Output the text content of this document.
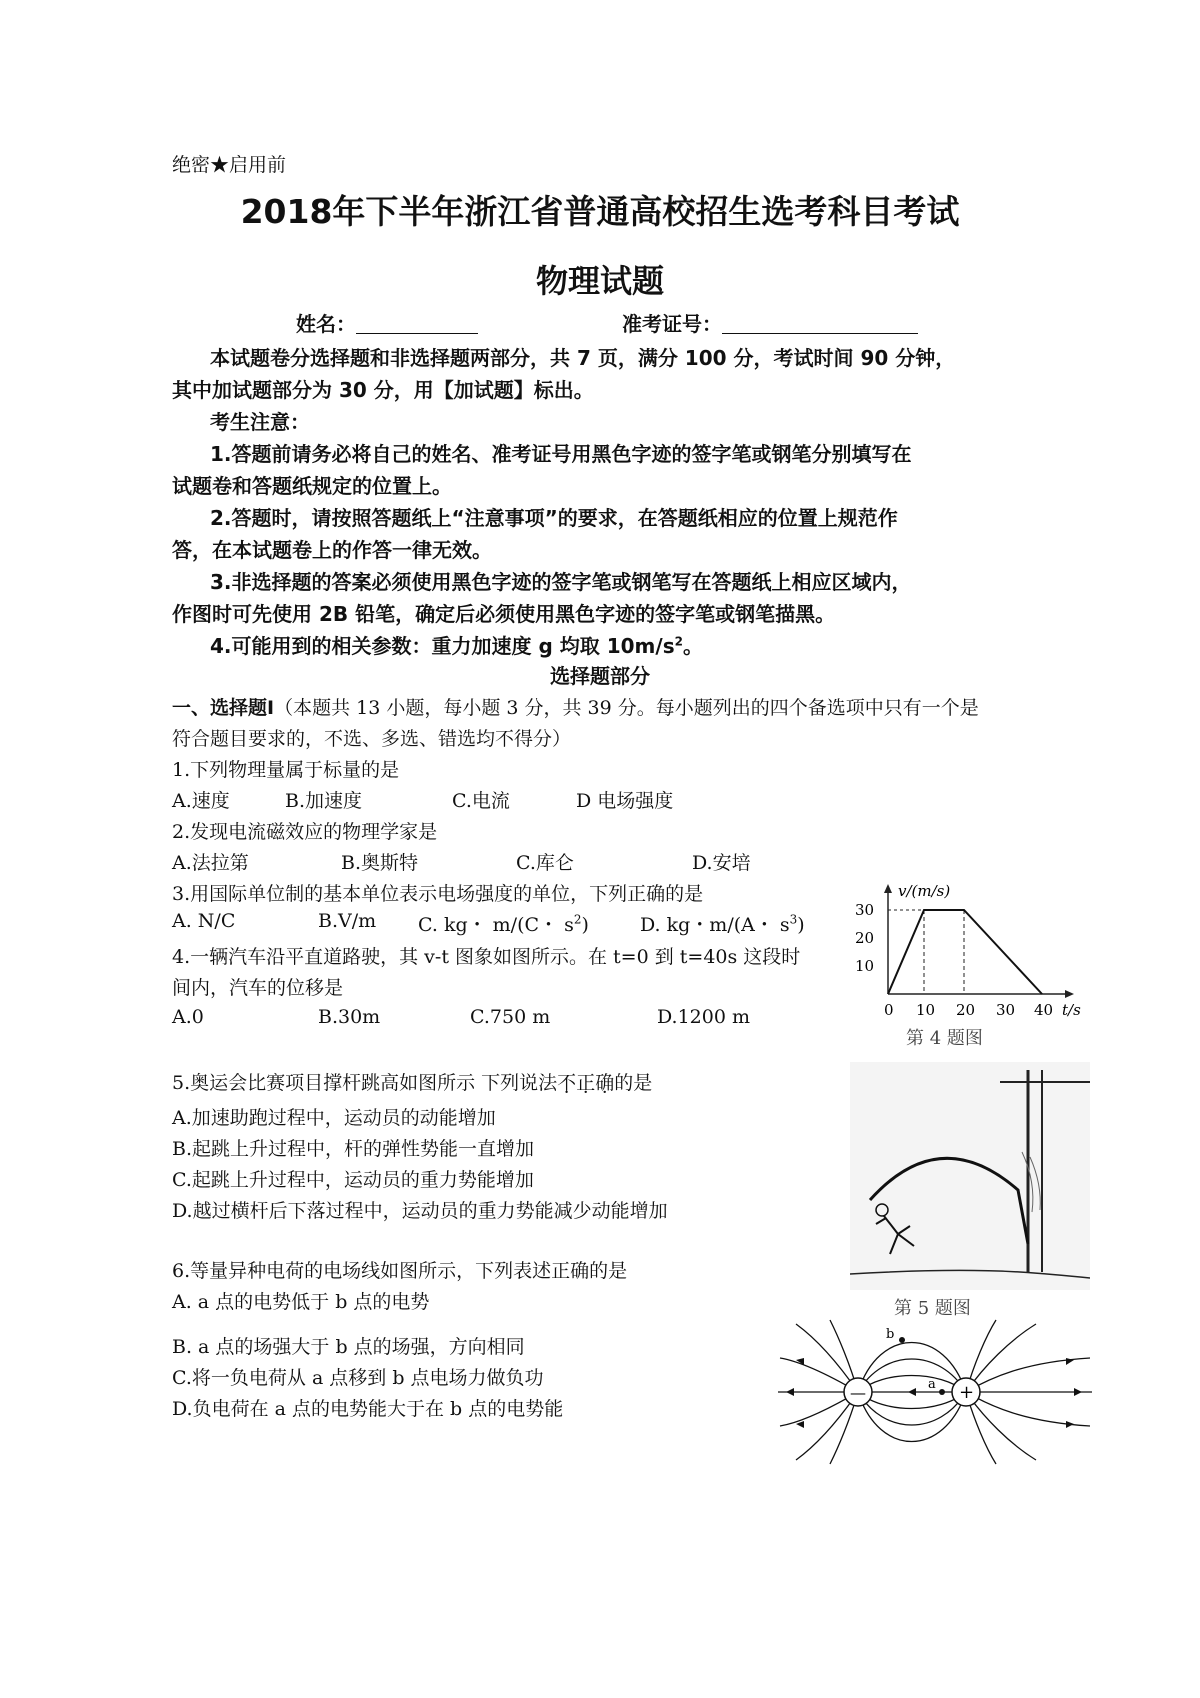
绝密★启用前
2018年下半年浙江省普通高校招生选考科目考试
物理试题
姓名：	准考证号：
本试题卷分选择题和非选择题两部分，共 7 页，满分 100 分，考试时间 90 分钟，
其中加试题部分为 30 分，用【加试题】标出。
考生注意：
1.答题前请务必将自己的姓名、准考证号用黑色字迹的签字笔或钢笔分别填写在
试题卷和答题纸规定的位置上。
2.答题时，请按照答题纸上“注意事项”的要求，在答题纸相应的位置上规范作
答，在本试题卷上的作答一律无效。
3.非选择题的答案必须使用黑色字迹的签字笔或钢笔写在答题纸上相应区域内，
作图时可先使用 2B 铅笔，确定后必须使用黑色字迹的签字笔或钢笔描黑。
4.可能用到的相关参数：重力加速度 g 均取 $10m/s^2$。
选择题部分
一、选择题Ⅰ（本题共 13 小题，每小题 3 分，共 39 分。每小题列出的四个备选项中只有一个是
符合题目要求的，不选、多选、错选均不得分）
1.下列物理量属于标量的是
A.速度	B.加速度	C.电流	D 电场强度
2.发现电流磁效应的物理学家是
A.法拉第	B.奥斯特	C.库仑	D.安培
3.用国际单位制的基本单位表示电场强度的单位，下列正确的是
A. N/C	B.V/m C. kg・ m/(C・ $s^2$)	D. kg・m/(A・ $s^3$)
4.一辆汽车沿平直道路驶，其 v-t 图象如图所示。在 t=0 到 t=40s 这段时
间内，汽车的位移是
A.0	B.30m	C.750 m	D.1200 m
v/(m/s)
30
20
10
0 10 20 30 40 t/s
第 4 题图
5.奥运会比赛项目撑杆跳高如图所示 下列说法不正确的是
A.加速助跑过程中，运动员的动能增加
B.起跳上升过程中，杆的弹性势能一直增加
C.起跳上升过程中，运动员的重力势能增加
D.越过横杆后下落过程中，运动员的重力势能减少动能增加
第 5 题图
6.等量异种电荷的电场线如图所示，下列表述正确的是
A. a 点的电势低于 b 点的电势
B. a 点的场强大于 b 点的场强，方向相同
C.将一负电荷从 a 点移到 b 点电场力做负功
D.负电荷在 a 点的电势能大于在 b 点的电势能
—	+
b
a
